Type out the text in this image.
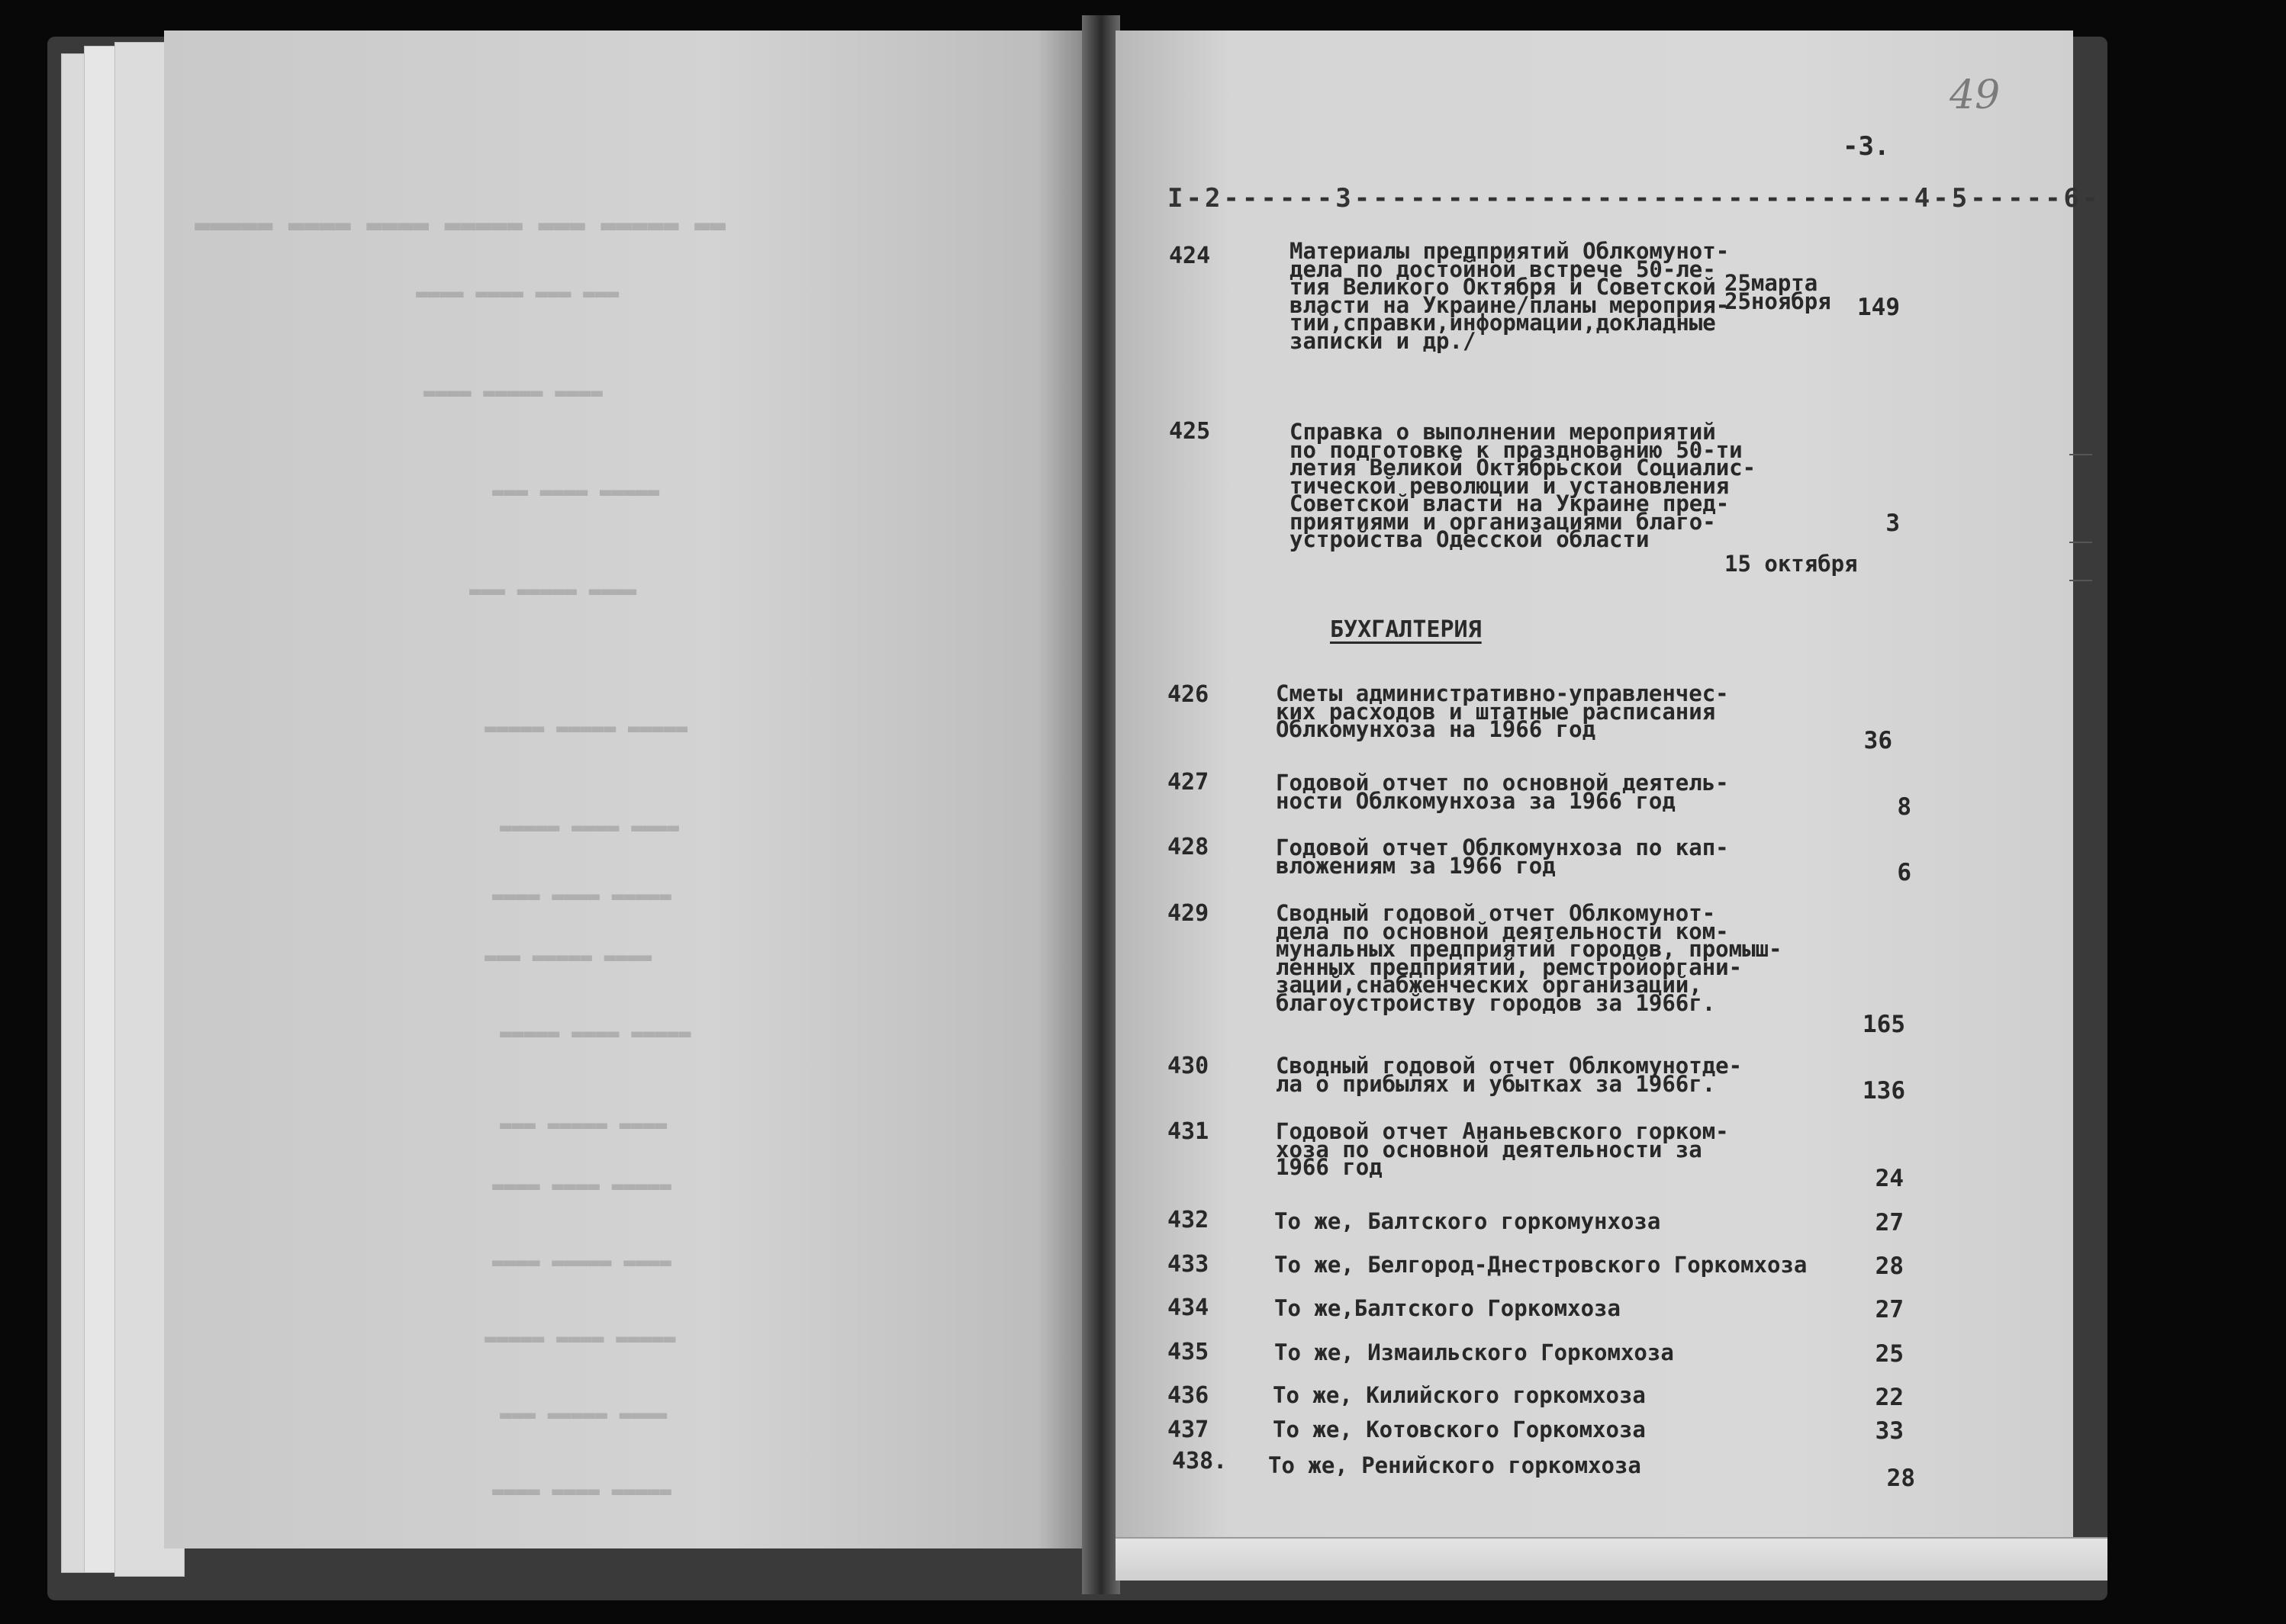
▬▬ ▬▬▬▬▬ ▬▬▬ ▬▬▬▬▬ ▬▬▬▬ ▬▬▬▬ ▬▬▬▬▬
▬▬▬ ▬▬▬ ▬▬▬▬ ▬▬▬▬
▬▬▬▬ ▬▬▬▬▬ ▬▬▬▬
▬▬▬▬▬ ▬▬▬▬ ▬▬▬
▬▬▬▬ ▬▬▬▬▬ ▬▬▬
▬▬▬▬▬ ▬▬▬▬▬ ▬▬▬▬▬
▬▬▬▬ ▬▬▬▬ ▬▬▬▬▬
▬▬▬▬▬ ▬▬▬▬ ▬▬▬▬
▬▬▬▬ ▬▬▬▬▬ ▬▬▬
▬▬▬▬▬ ▬▬▬▬ ▬▬▬▬▬
▬▬▬▬ ▬▬▬▬▬ ▬▬▬
▬▬▬▬▬ ▬▬▬▬ ▬▬▬▬
▬▬▬▬ ▬▬▬▬▬ ▬▬▬▬
▬▬▬▬▬ ▬▬▬▬ ▬▬▬▬▬
▬▬▬▬ ▬▬▬▬▬ ▬▬▬
▬▬▬▬▬ ▬▬▬▬ ▬▬▬▬
49
-3.
I-2------3------------------------------4-5-----6-
БУХГАЛТЕРИЯ
424	Материалы предприятий Облкомунот-
дела по достойной встрече 50-ле-
тия Великого Октября и Советской
власти на Украине/планы мероприя-
тий,справки,информации,докладные
записки и др./
25марта
25ноября	149
425	Справка о выполнении мероприятий
по подготовке к празднованию 50-ти
летия Великой Октябрьской Социалис-
тической революции и установления
Советской власти на Украине пред-
приятиями и организациями благо-
устройства Одесской области
15 октября
3
426	Сметы административно-управленчес-
ких расходов и штатные расписания
Облкомунхоза на 1966 год	36
427	Годовой отчет по основной деятель-
ности Облкомунхоза за 1966 год	8
428	Годовой отчет Облкомунхоза по кап-
вложениям за 1966 год	6
429	Сводный годовой отчет Облкомунот-
дела по основной деятельности ком-
мунальных предприятий городов, промыш-
ленных предприятий, ремстройоргани-
заций,снабженческих организаций,
благоустройству городов за 1966г.
165
430	Сводный годовой отчет Облкомунотде-
ла о прибылях и убытках за 1966г.	136
431	Годовой отчет Ананьевского горком-
хоза по основной деятельности за
1966 год	24
432	То же, Балтского горкомунхоза	27
433	То же, Белгород-Днестровского Горкомхоза	28
434	То же,Балтского Горкомхоза	27
435	То же, Измаильского Горкомхоза	25
436	То же, Килийского горкомхоза	22
437	То же, Котовского Горкомхоза	33
438. То же, Ренийского горкомхоза	28
